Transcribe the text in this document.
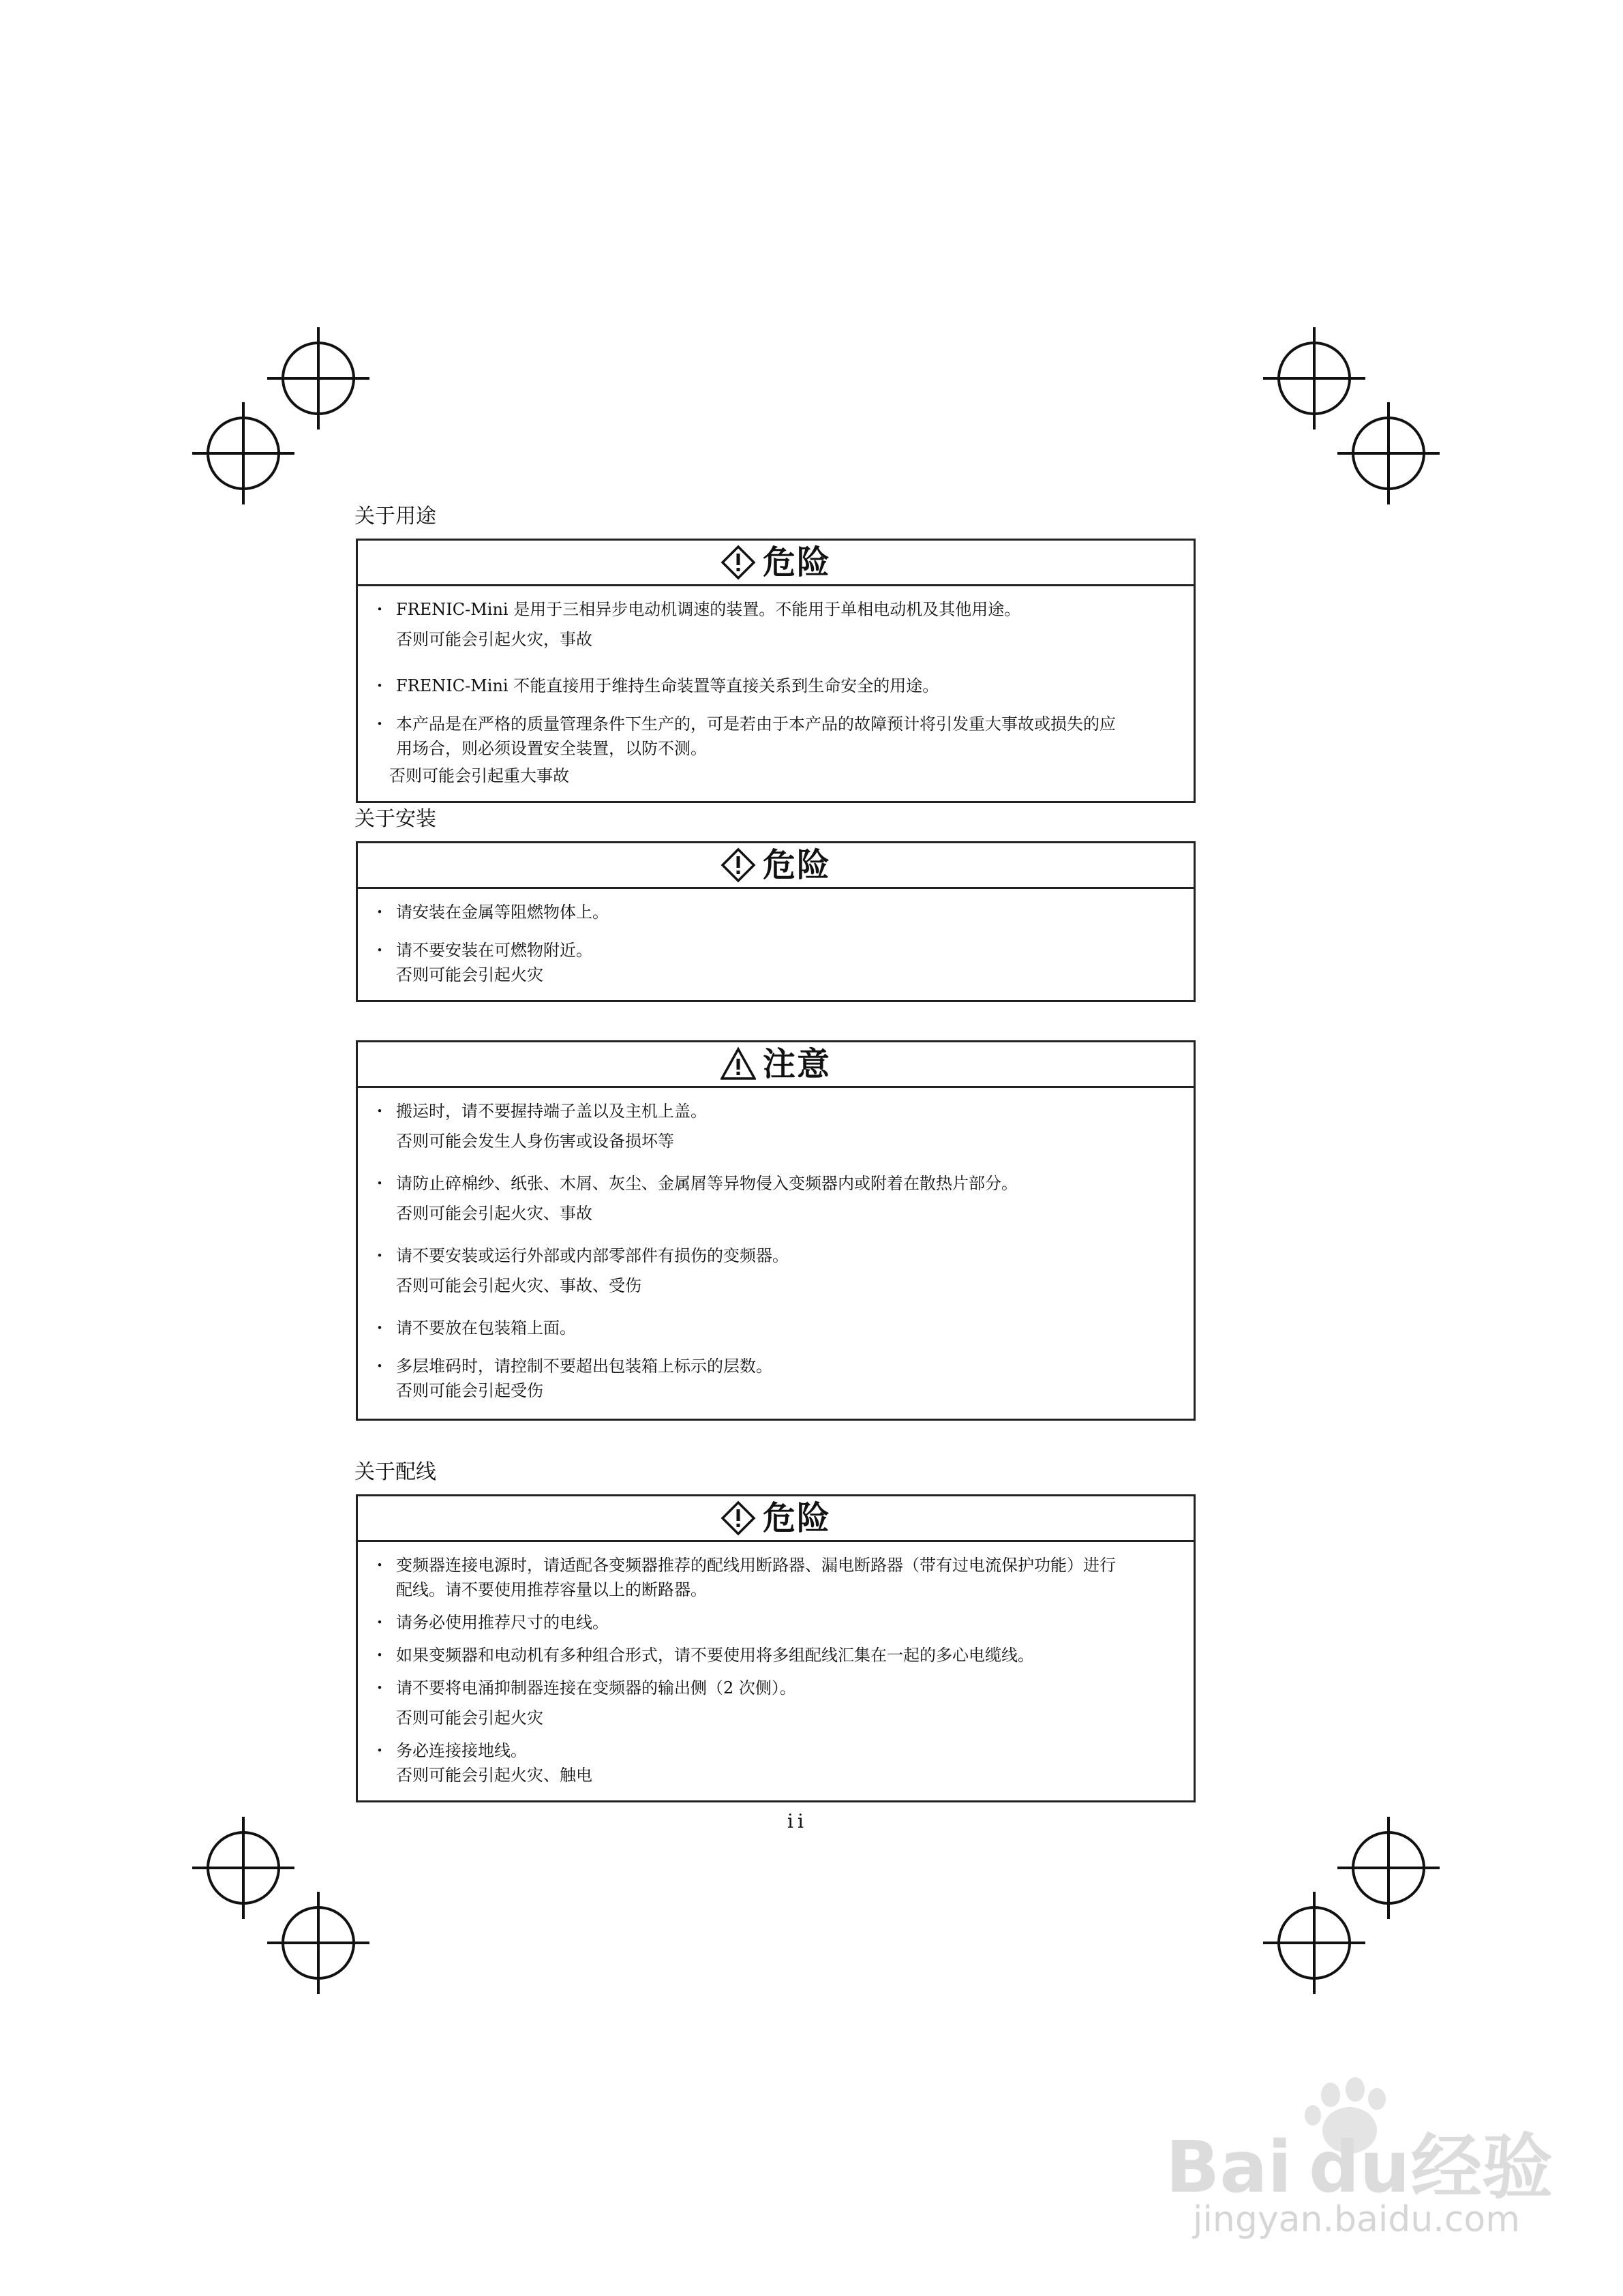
关于用途
危险
・ FRENIC-Mini 是用于三相异步电动机调速的装置。不能用于单相电动机及其他用途。
否则可能会引起火灾，事故
・ FRENIC-Mini 不能直接用于维持生命装置等直接关系到生命安全的用途。
・ 本产品是在严格的质量管理条件下生产的，可是若由于本产品的故障预计将引发重大事故或损失的应
用场合，则必须设置安全装置，以防不测。
否则可能会引起重大事故
关于安装
危险
・ 请安装在金属等阻燃物体上。
・ 请不要安装在可燃物附近。
否则可能会引起火灾
注意
・ 搬运时，请不要握持端子盖以及主机上盖。
否则可能会发生人身伤害或设备损坏等
・ 请防止碎棉纱、纸张、木屑、灰尘、金属屑等异物侵入变频器内或附着在散热片部分。
否则可能会引起火灾、事故
・ 请不要安装或运行外部或内部零部件有损伤的变频器。
否则可能会引起火灾、事故、受伤
・ 请不要放在包装箱上面。
・ 多层堆码时，请控制不要超出包装箱上标示的层数。
否则可能会引起受伤
关于配线
危险
・ 变频器连接电源时，请适配各变频器推荐的配线用断路器、漏电断路器（带有过电流保护功能）进行
配线。请不要使用推荐容量以上的断路器。
・ 请务必使用推荐尺寸的电线。
・ 如果变频器和电动机有多种组合形式，请不要使用将多组配线汇集在一起的多心电缆线。
・ 请不要将电涌抑制器连接在变频器的输出侧（2 次侧）。
否则可能会引起火灾
・ 务必连接接地线。
否则可能会引起火灾、触电
ii
Bai du 经验
jingyan.baidu.com
